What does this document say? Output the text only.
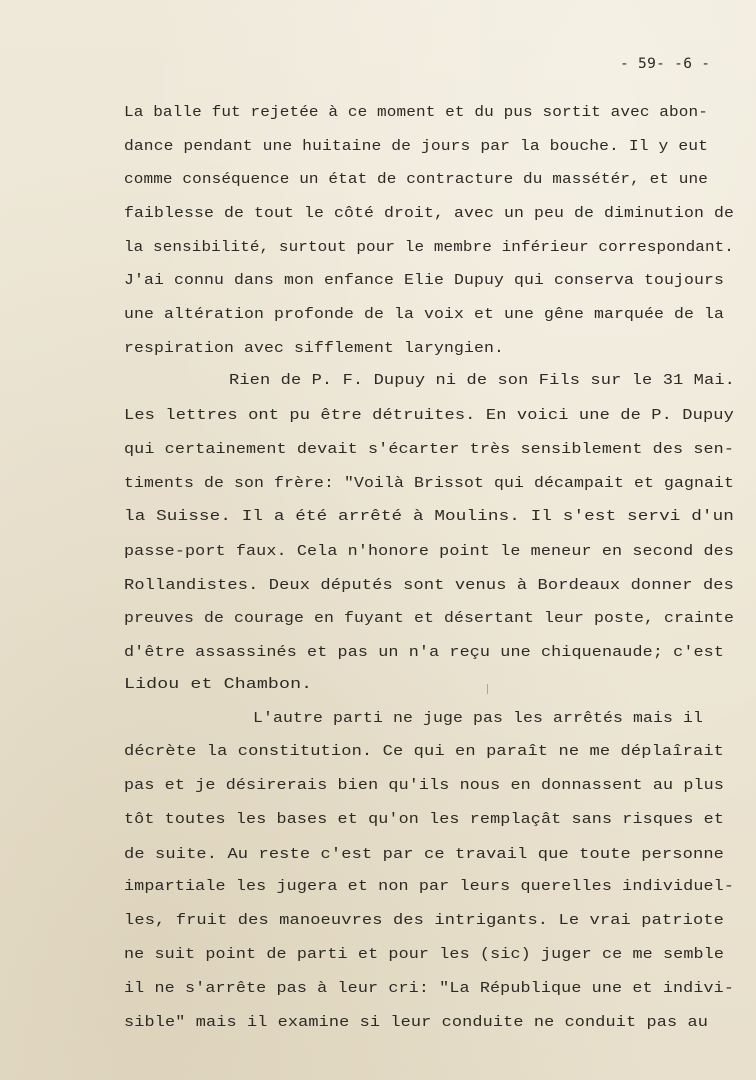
- 59- -6 -
La balle fut rejetée à ce moment et du pus sortit avec abon-
dance pendant une huitaine de jours par la bouche. Il y eut
comme conséquence un état de contracture du massétér, et une
faiblesse de tout le côté droit, avec un peu de diminution de
la sensibilité, surtout pour le membre inférieur correspondant.
J'ai connu dans mon enfance Elie Dupuy qui conserva toujours
une altération profonde de la voix et une gêne marquée de la
respiration avec sifflement laryngien.
Rien de P. F. Dupuy ni de son Fils sur le 31 Mai.
Les lettres ont pu être détruites. En voici une de P. Dupuy
qui certainement devait s'écarter très sensiblement des sen-
timents de son frère: "Voilà Brissot qui décampait et gagnait
la Suisse. Il a été arrêté à Moulins. Il s'est servi d'un
passe-port faux. Cela n'honore point le meneur en second des
Rollandistes. Deux députés sont venus à Bordeaux donner des
preuves de courage en fuyant et désertant leur poste, crainte
d'être assassinés et pas un n'a reçu une chiquenaude; c'est
Lidou et Chambon.
L'autre parti ne juge pas les arrêtés mais il
décrète la constitution. Ce qui en paraît ne me déplaîrait
pas et je désirerais bien qu'ils nous en donnassent au plus
tôt toutes les bases et qu'on les remplaçât sans risques et
de suite. Au reste c'est par ce travail que toute personne
impartiale les jugera et non par leurs querelles individuel-
les, fruit des manoeuvres des intrigants. Le vrai patriote
ne suit point de parti et pour les (sic) juger ce me semble
il ne s'arrête pas à leur cri: "La République une et indivi-
sible" mais il examine si leur conduite ne conduit pas au
